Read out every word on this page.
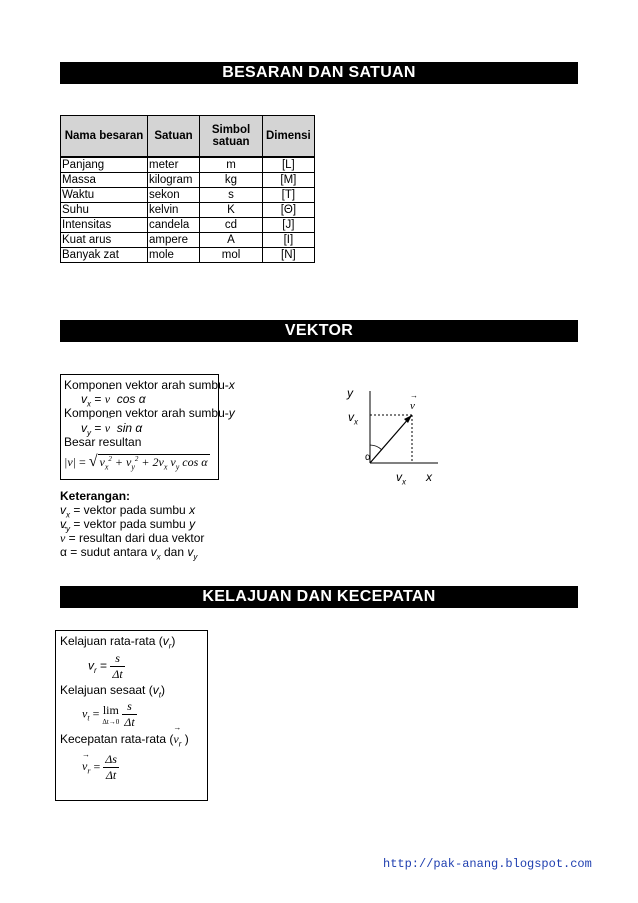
BESARAN DAN SATUAN
Nama besaran	Satuan	Simbol satuan	Dimensi
Panjang	meter	m	[L]
Massa	kilogram	kg	[M]
Waktu	sekon	s	[T]
Suhu	kelvin	K	[Θ]
Intensitas	candela	cd	[J]
Kuat arus	ampere	A	[I]
Banyak zat	mole	mol	[N]
VEKTOR
Komponen vektor arah sumbu-x
$v_x$ = → v cos α
Komponen vektor arah sumbu-y
$v_y$ = → v sin α
Besar resultan
|v| = √ $v_x^2 + v_y^2 + 2v_x$ $v_y$ cos α
y
$v_x$
→ v
α
$v_x$ x
Keterangan:
$v_x$ = vektor pada sumbu x
$v_y$ = vektor pada sumbu y
→ v = resultan dari dua vektor
α = sudut antara $v_x$ dan $v_y$
KELAJUAN DAN KECEPATAN
Kelajuan rata-rata $(v_r)$
$v_r = \frac{s}{\Delta t}$
Kelajuan sesaat $(v_t)$
$v_t = \lim$
Δt→0
$\frac{s}{\Delta t}$
Kecepatan rata-rata (→ $v_r$ )
→ $v_r = \frac{\Delta s}{\Delta t}$
http://pak-anang.blogspot.com
